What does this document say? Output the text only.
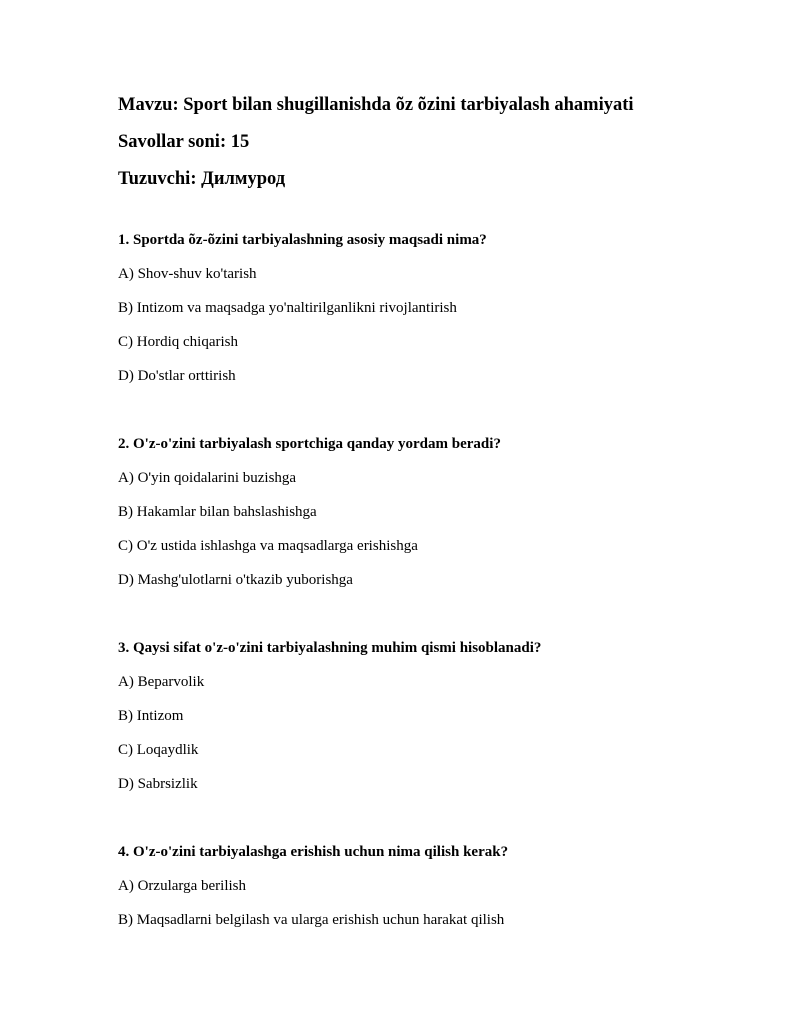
Mavzu: Sport bilan shugillanishda õz õzini tarbiyalash ahamiyati
Savollar soni: 15
Tuzuvchi: Дилмурод
1. Sportda õz-õzini tarbiyalashning asosiy maqsadi nima?
A) Shov-shuv ko'tarish
B) Intizom va maqsadga yo'naltirilganlikni rivojlantirish
C) Hordiq chiqarish
D) Do'stlar orttirish
2. O'z-o'zini tarbiyalash sportchiga qanday yordam beradi?
A) O'yin qoidalarini buzishga
B) Hakamlar bilan bahslashishga
C) O'z ustida ishlashga va maqsadlarga erishishga
D) Mashg'ulotlarni o'tkazib yuborishga
3. Qaysi sifat o'z-o'zini tarbiyalashning muhim qismi hisoblanadi?
A) Beparvolik
B) Intizom
C) Loqaydlik
D) Sabrsizlik
4. O'z-o'zini tarbiyalashga erishish uchun nima qilish kerak?
A) Orzularga berilish
B) Maqsadlarni belgilash va ularga erishish uchun harakat qilish
